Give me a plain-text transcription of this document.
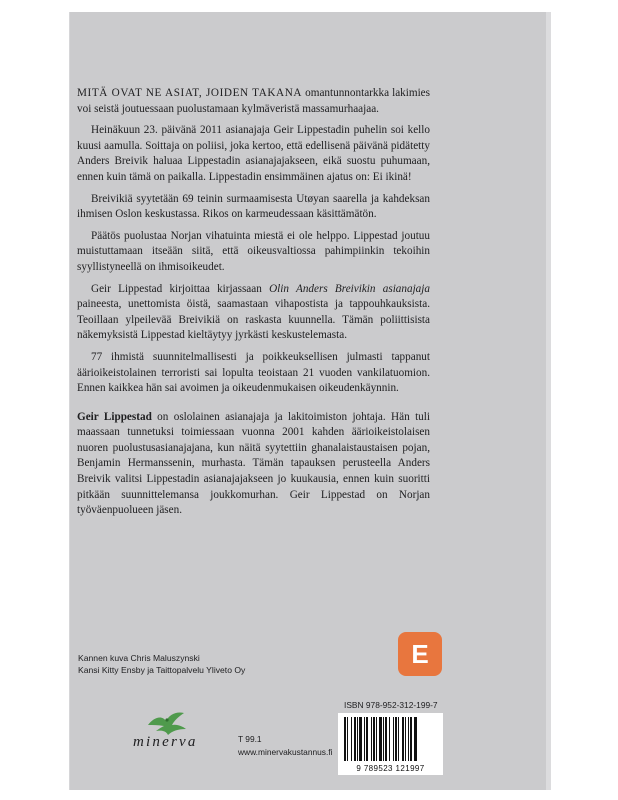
MITÄ OVAT NE ASIAT, JOIDEN TAKANA omantunnontarkka lakimies voi seistä joutuessaan puolustamaan kylmäveristä massamurhaajaa.

Heinäkuun 23. päivänä 2011 asianajaja Geir Lippestadin puhelin soi kello kuusi aamulla. Soittaja on poliisi, joka kertoo, että edellisenä päivänä pidätetty Anders Breivik haluaa Lippestadin asianajajakseen, eikä suostu puhumaan, ennen kuin tämä on paikalla. Lippestadin ensimmäinen ajatus on: Ei ikinä!

Breivikiä syytetään 69 teinin surmaamisesta Utøyan saarella ja kahdeksan ihmisen Oslon keskustassa. Rikos on karmeudessaan käsittämätön.

Päätös puolustaa Norjan vihatuinta miestä ei ole helppo. Lippestad joutuu muistuttamaan itseään siitä, että oikeusvaltiossa pahimpiinkin tekoihin syyllistyneellä on ihmisoikeudet.

Geir Lippestad kirjoittaa kirjassaan Olin Anders Breivikin asianajaja paineesta, unettomista öistä, saamastaan vihapostista ja tappouhkauksista. Teoillaan ylpeilevää Breivikiä on raskasta kuunnella. Tämän poliittisista näkemyksistä Lippestad kieltäytyy jyrkästi keskustelemasta.

77 ihmistä suunnitelmallisesti ja poikkeuksellisen julmasti tappanut äärioikeistolainen terroristi sai lopulta teoistaan 21 vuoden vankilatuomion. Ennen kaikkea hän sai avoimen ja oikeudenmukaisen oikeudenkäynnin.

Geir Lippestad on oslolainen asianajaja ja lakitoimiston johtaja. Hän tuli maassaan tunnetuksi toimiessaan vuonna 2001 kahden äärioikeistolaisen nuoren puolustusasianajajana, kun näitä syytettiin ghanalaistaustaisen pojan, Benjamin Hermanssenin, murhasta. Tämän tapauksen perusteella Anders Breivik valitsi Lippestadin asianajajakseen jo kuukausia, ennen kuin suoritti pitkään suunnittelemansa joukkomurhan. Geir Lippestad on Norjan työväenpuolueen jäsen.

Kannen kuva Chris Maluszynski
Kansi Kitty Ensby ja Taittopalvelu Yliveto Oy
E
ISBN 978-952-312-199-7
9 789523 121997
minerva	T 99.1
www.minervakustannus.fi
